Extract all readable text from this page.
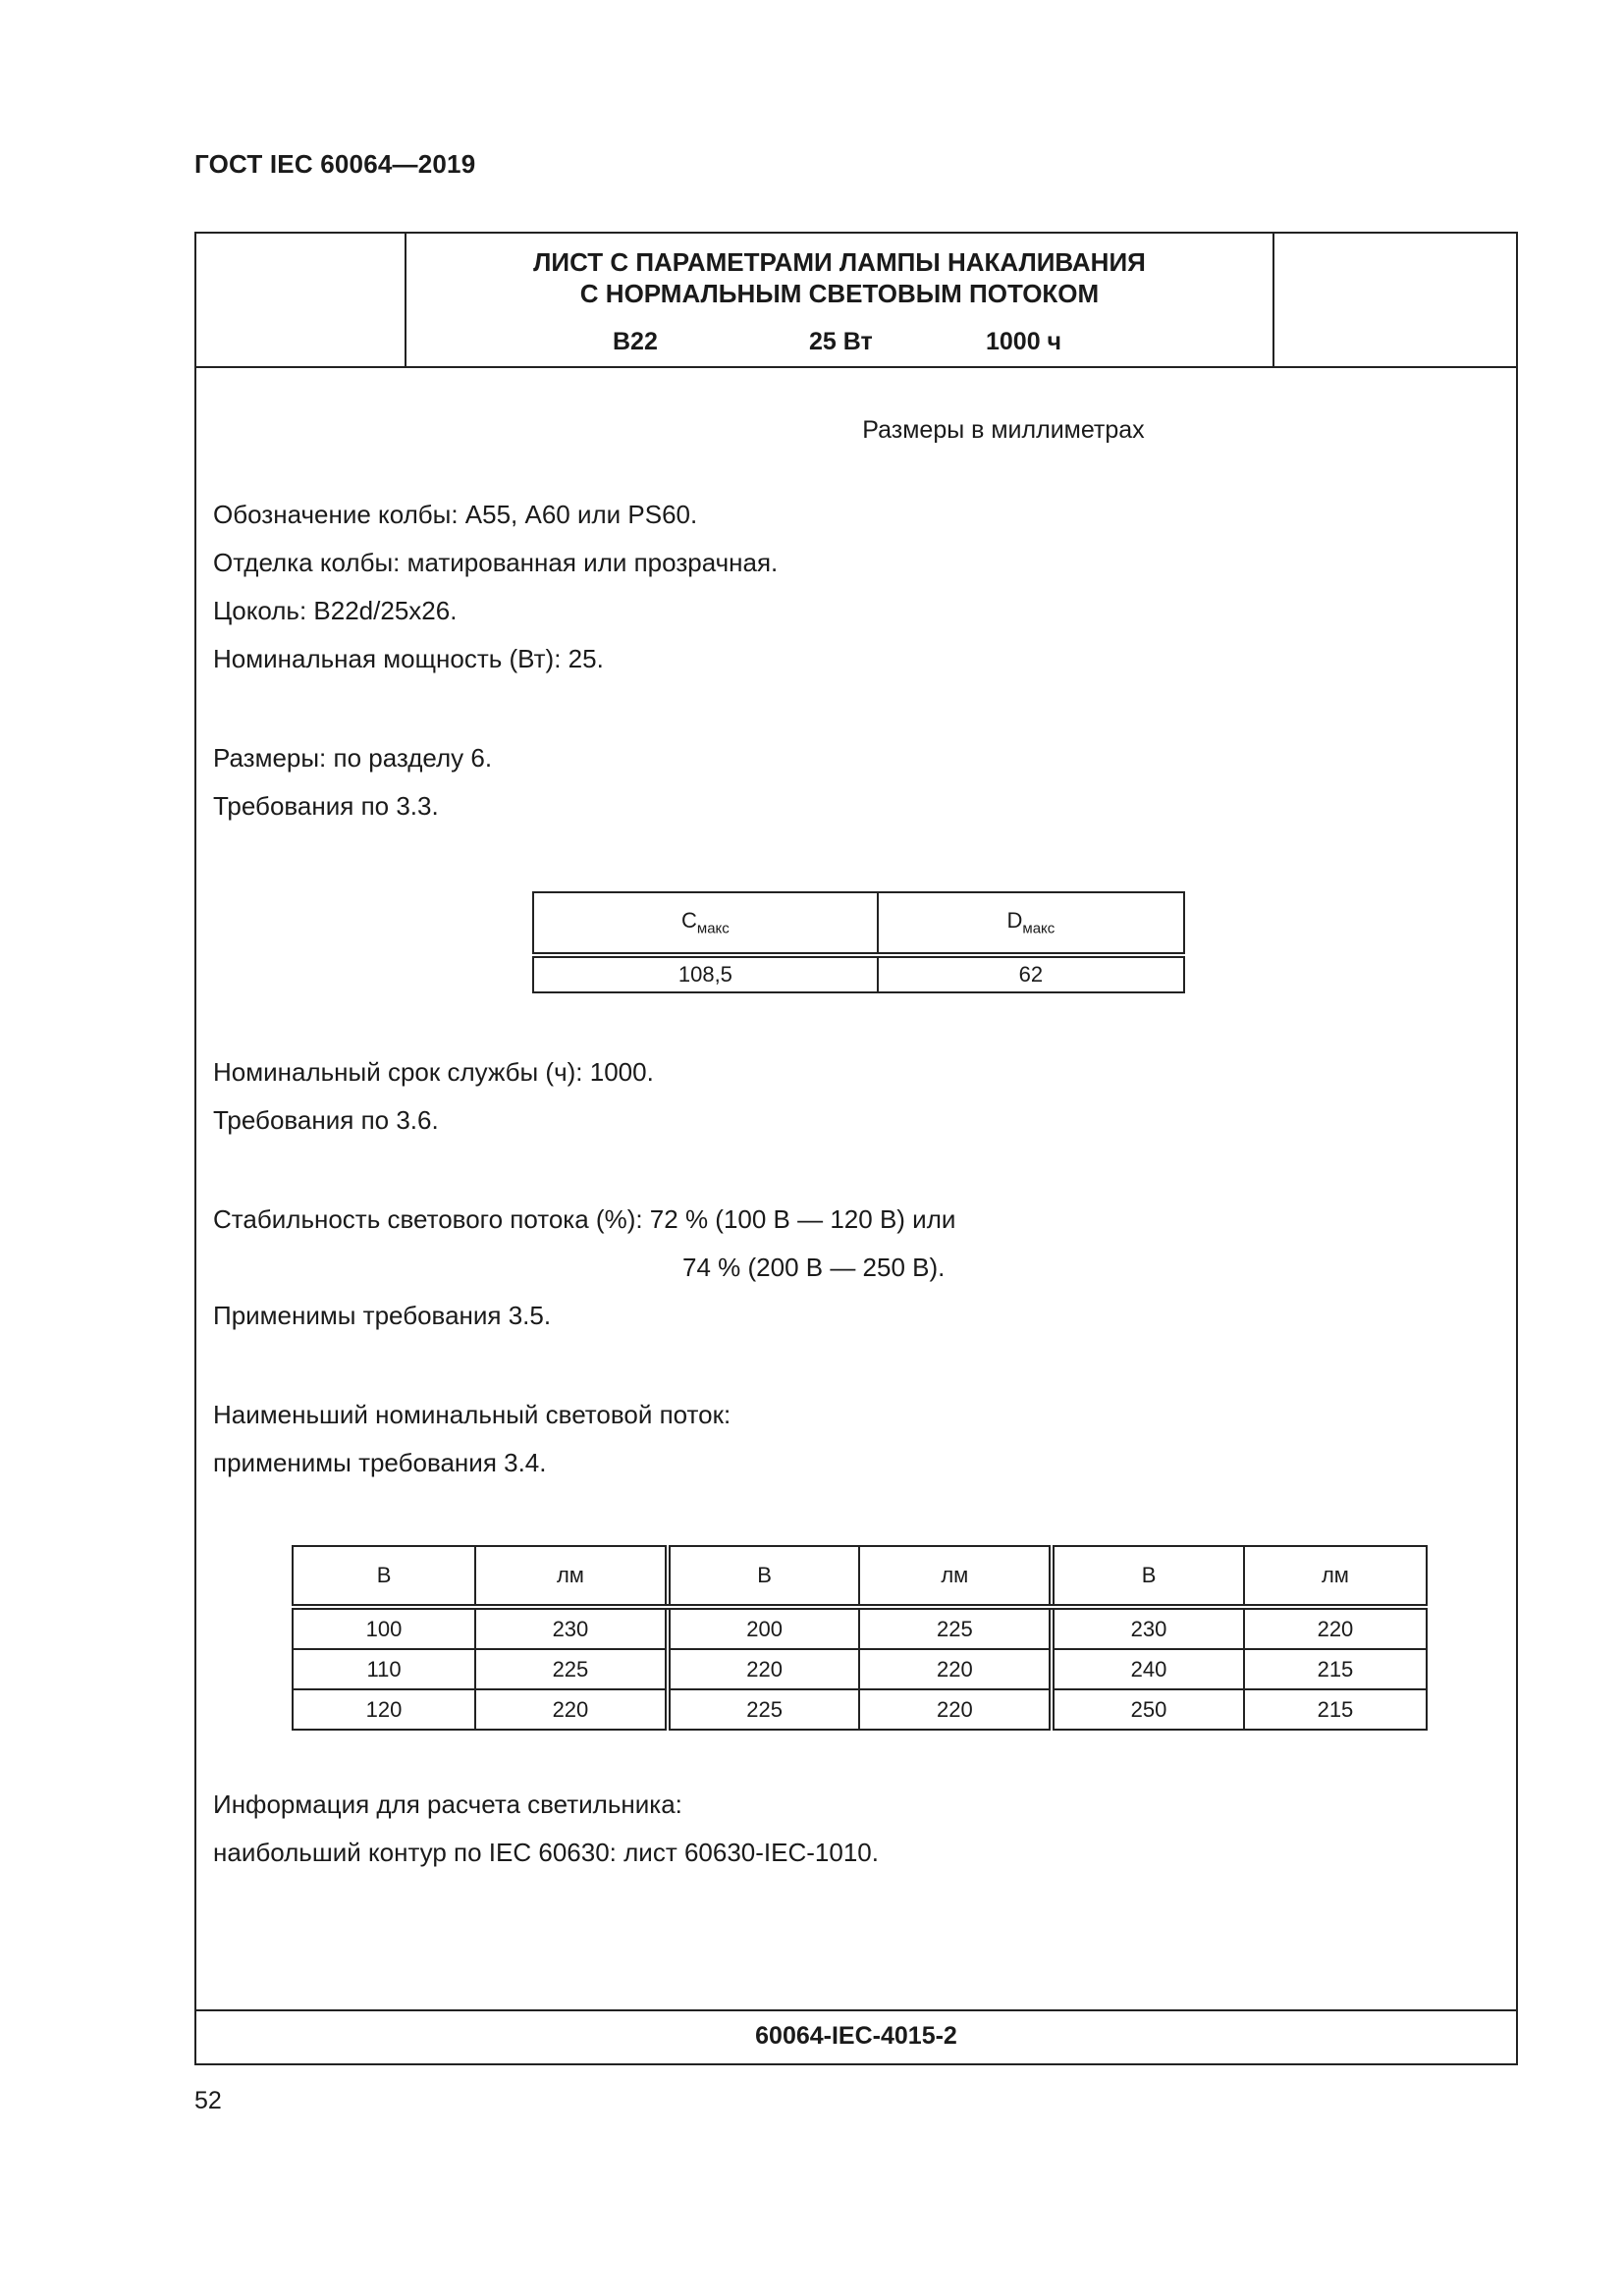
ГОСТ IEC 60064—2019
ЛИСТ С ПАРАМЕТРАМИ ЛАМПЫ НАКАЛИВАНИЯ
С НОРМАЛЬНЫМ СВЕТОВЫМ ПОТОКОМ
B22	25 Вт	1000 ч
Размеры в миллиметрах
Обозначение колбы: А55, А60 или PS60.
Отделка колбы: матированная или прозрачная.
Цоколь: B22d/25x26.
Номинальная мощность (Вт): 25.
Размеры: по разделу 6.
Требования по 3.3.
$C_{макс}$	$D_{макс}$
108,5	62
Номинальный срок службы (ч): 1000.
Требования по 3.6.
Стабильность светового потока (%): 72 % (100 В — 120 В) или
74 % (200 В — 250 В).
Применимы требования 3.5.
Наименьший номинальный световой поток:
применимы требования 3.4.
В	лм	В	лм	В	лм
100	230	200	225	230	220
110	225	220	220	240	215
120	220	225	220	250	215
Информация для расчета светильника:
наибольший контур по IEC 60630: лист 60630-IEC-1010.
60064-IEC-4015-2
52
